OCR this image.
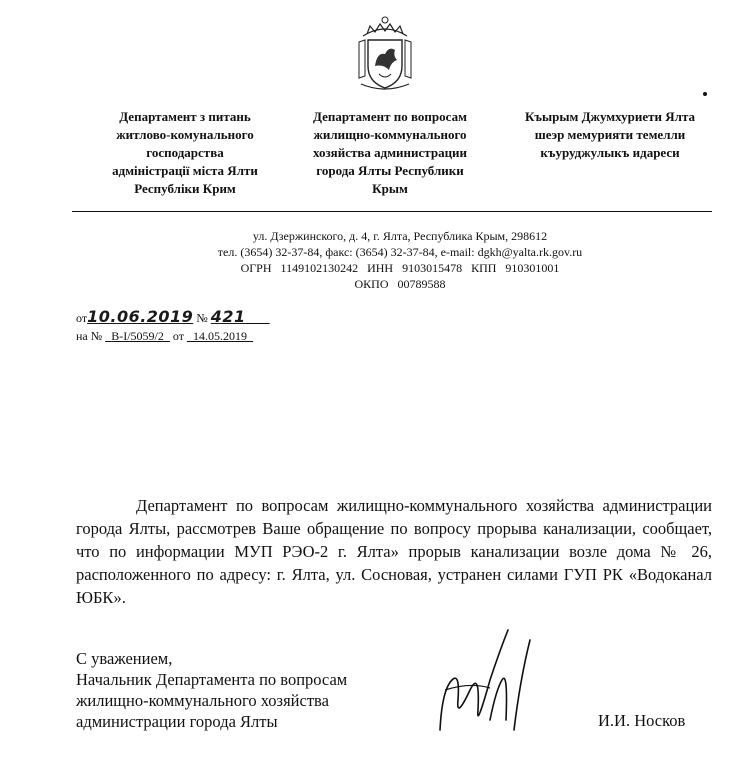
Департамент з питань
житлово-комунального
господарства
адміністрації міста Ялти
Республіки Крим
Департамент по вопросам
жилищно-коммунального
хозяйства администрации
города Ялты Республики
Крым
Къырым Джумхуриети Ялта
шеэр мемурияти темелли
къуруджулыкъ идареси
ул. Дзержинского, д. 4, г. Ялта, Республика Крым, 298612
тел. (3654) 32-37-84, факс: (3654) 32-37-84, e-mail: dgkh@yalta.rk.gov.ru
ОГРН   1149102130242   ИНН   9103015478   КПП   910301001
ОКПО   00789588
от10.06.2019 № 421
на № _В-I/5059/2_ от _14.05.2019_

Департамент по вопросам жилищно-коммунального хозяйства администрации города Ялты, рассмотрев Ваше обращение по вопросу прорыва канализации, сообщает, что по информации МУП РЭО-2 г. Ялта» прорыв канализации возле дома № 26, расположенного по адресу: г. Ялта, ул. Сосновая, устранен силами ГУП РК «Водоканал ЮБК».

С уважением,
Начальник Департамента по вопросам
жилищно-коммунального хозяйства
администрации города Ялты	И.И. Носков
